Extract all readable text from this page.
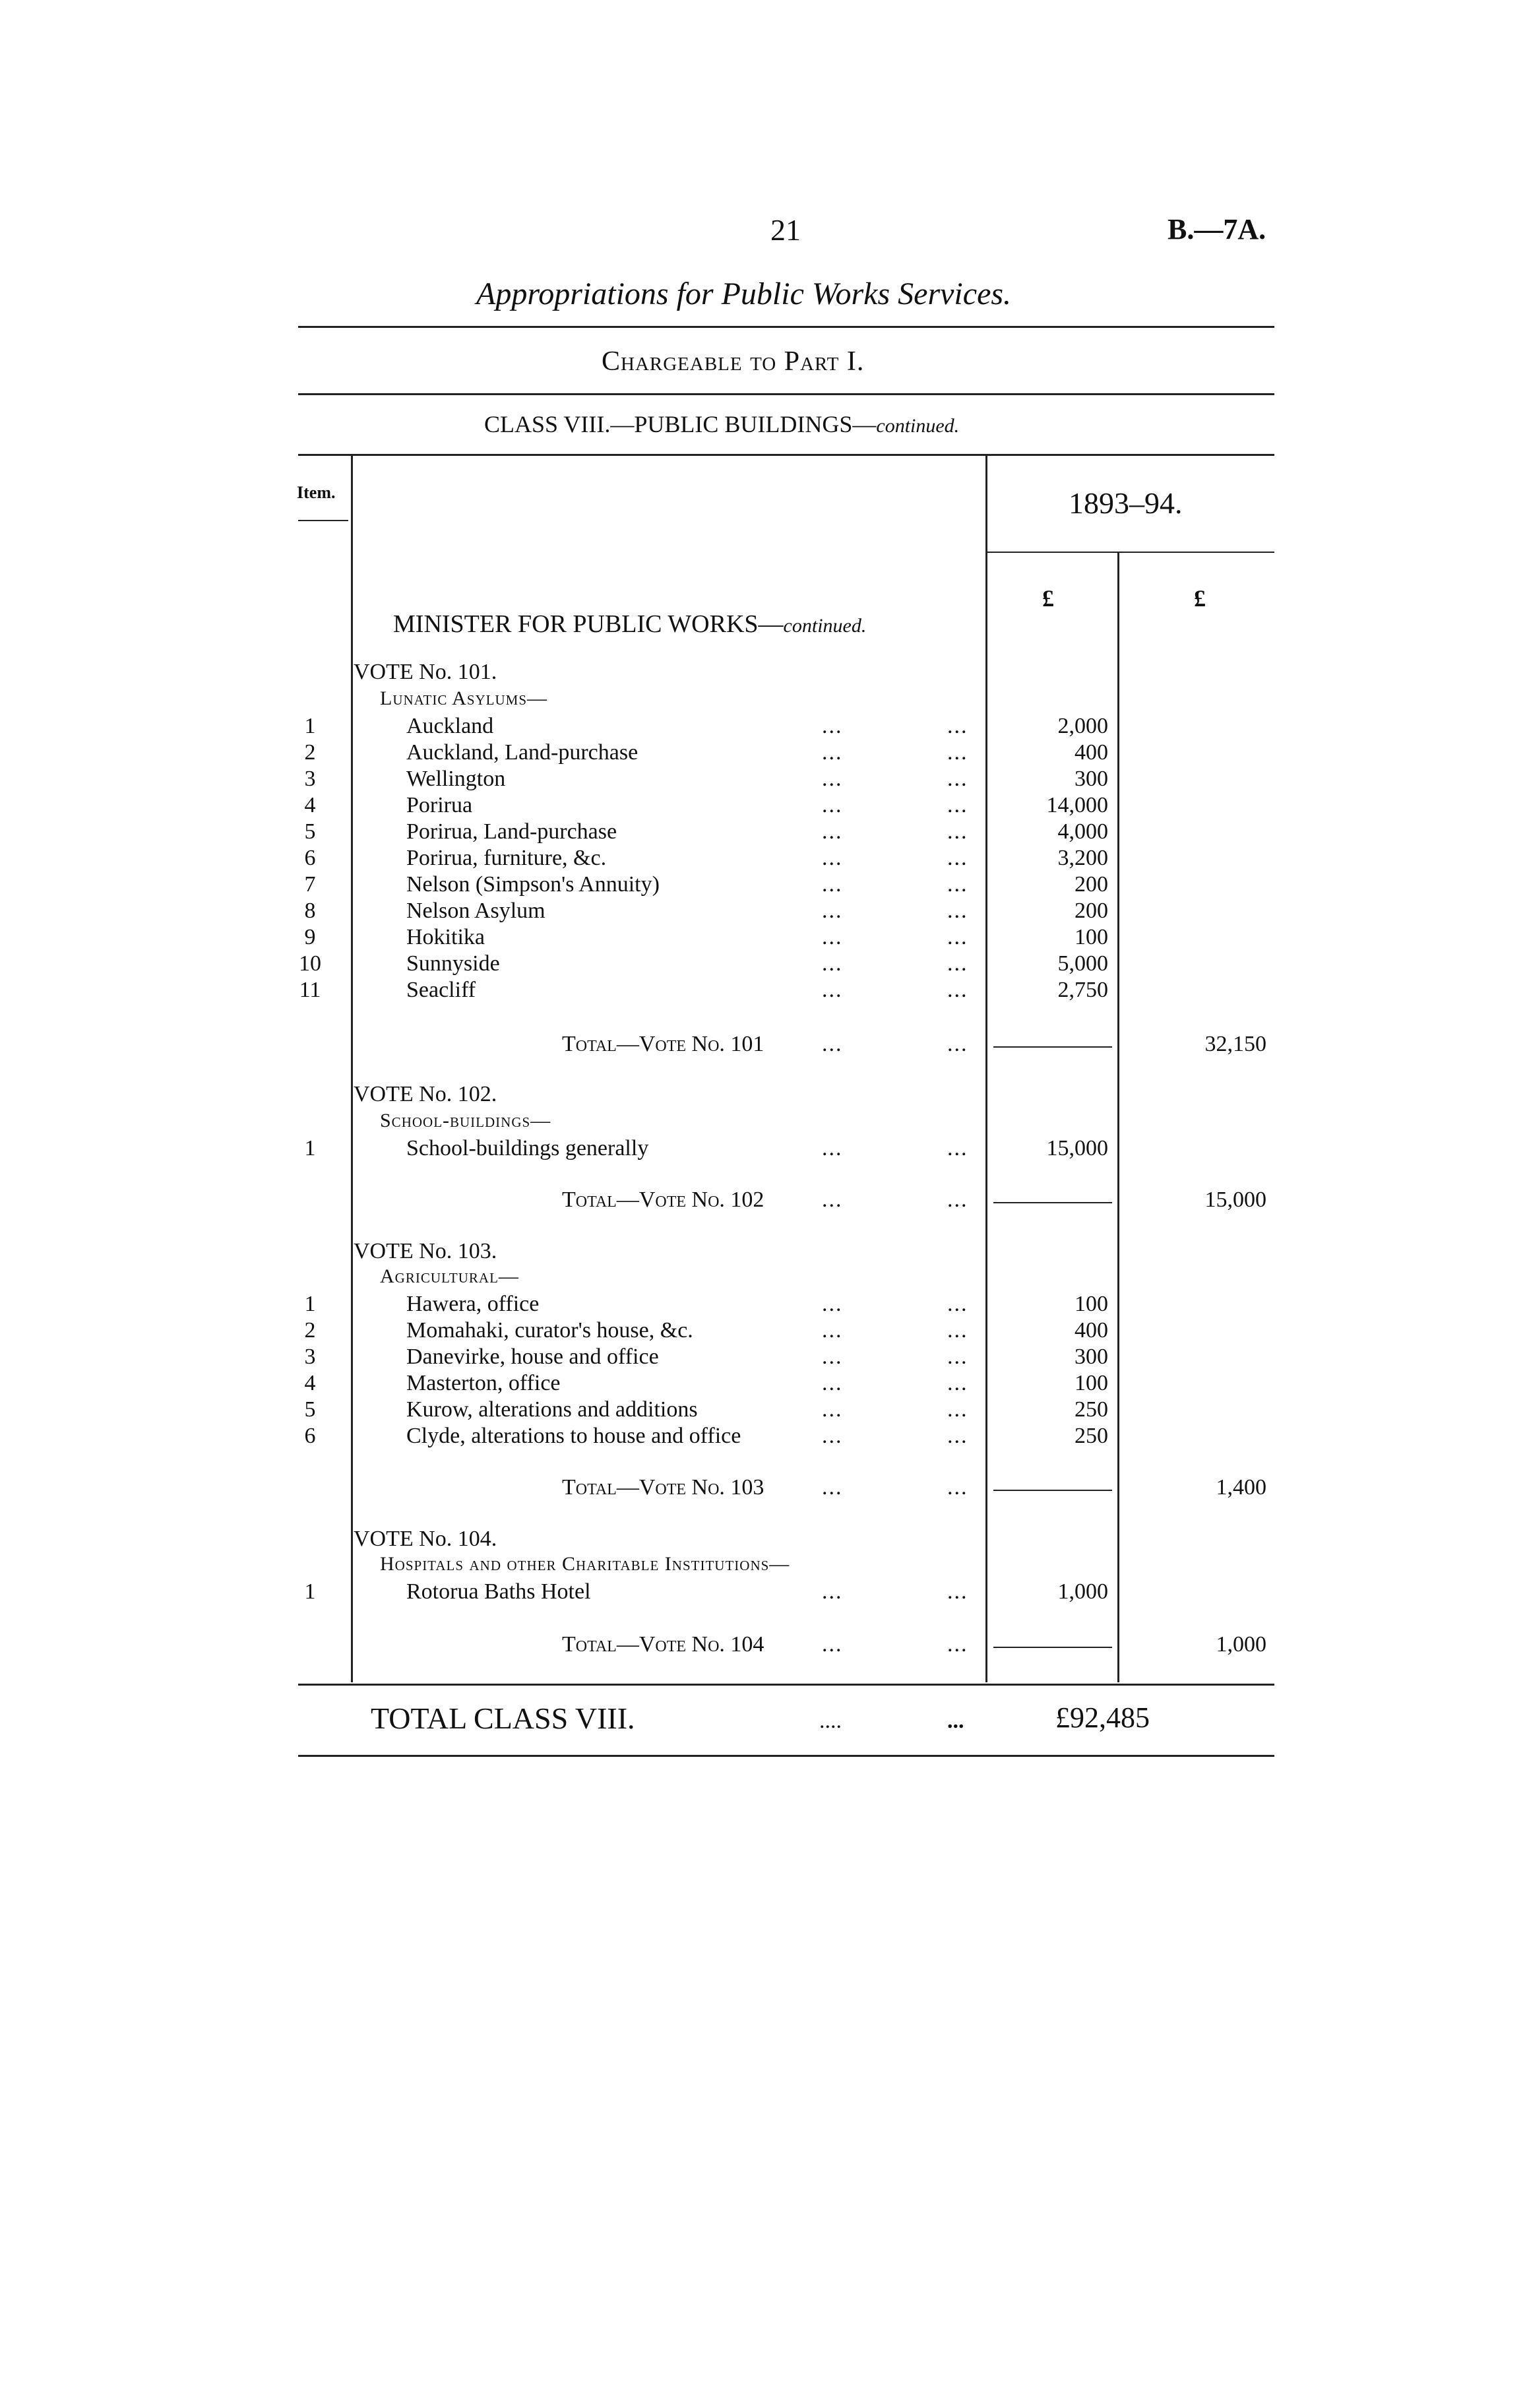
21	B.—7A.
Appropriations for Public Works Services.
Chargeable to Part I.
CLASS VIII.—PUBLIC BUILDINGS—continued.
Item.	1893–94.
£	£
MINISTER FOR PUBLIC WORKS—continued.
VOTE No. 101.
Lunatic Asylums—
1	Auckland	...	...	2,000
2	Auckland, Land-purchase	...	...	400
3	Wellington	...	...	300
4	Porirua	...	...	14,000
5	Porirua, Land-purchase	...	...	4,000
6	Porirua, furniture, &c.	...	...	3,200
7	Nelson (Simpson's Annuity)	...	...	200
8	Nelson Asylum	...	...	200
9	Hokitika	...	...	100
10	Sunnyside	...	...	5,000
11	Seacliff	...	...	2,750
Total—Vote No. 101	...	...	32,150
VOTE No. 102.
School-buildings—
1	School-buildings generally	...	...	15,000
Total—Vote No. 102	...	...	15,000
VOTE No. 103.
Agricultural—
1	Hawera, office	...	...	100
2	Momahaki, curator's house, &c.	...	...	400
3	Danevirke, house and office	...	...	300
4	Masterton, office	...	...	100
5	Kurow, alterations and additions	...	...	250
6	Clyde, alterations to house and office	...	...	250
Total—Vote No. 103	...	...	1,400
VOTE No. 104.
Hospitals and other Charitable Institutions—
1	Rotorua Baths Hotel	...	...	1,000
Total—Vote No. 104	...	...	1,000
TOTAL CLASS VIII.	....	...	£92,485
